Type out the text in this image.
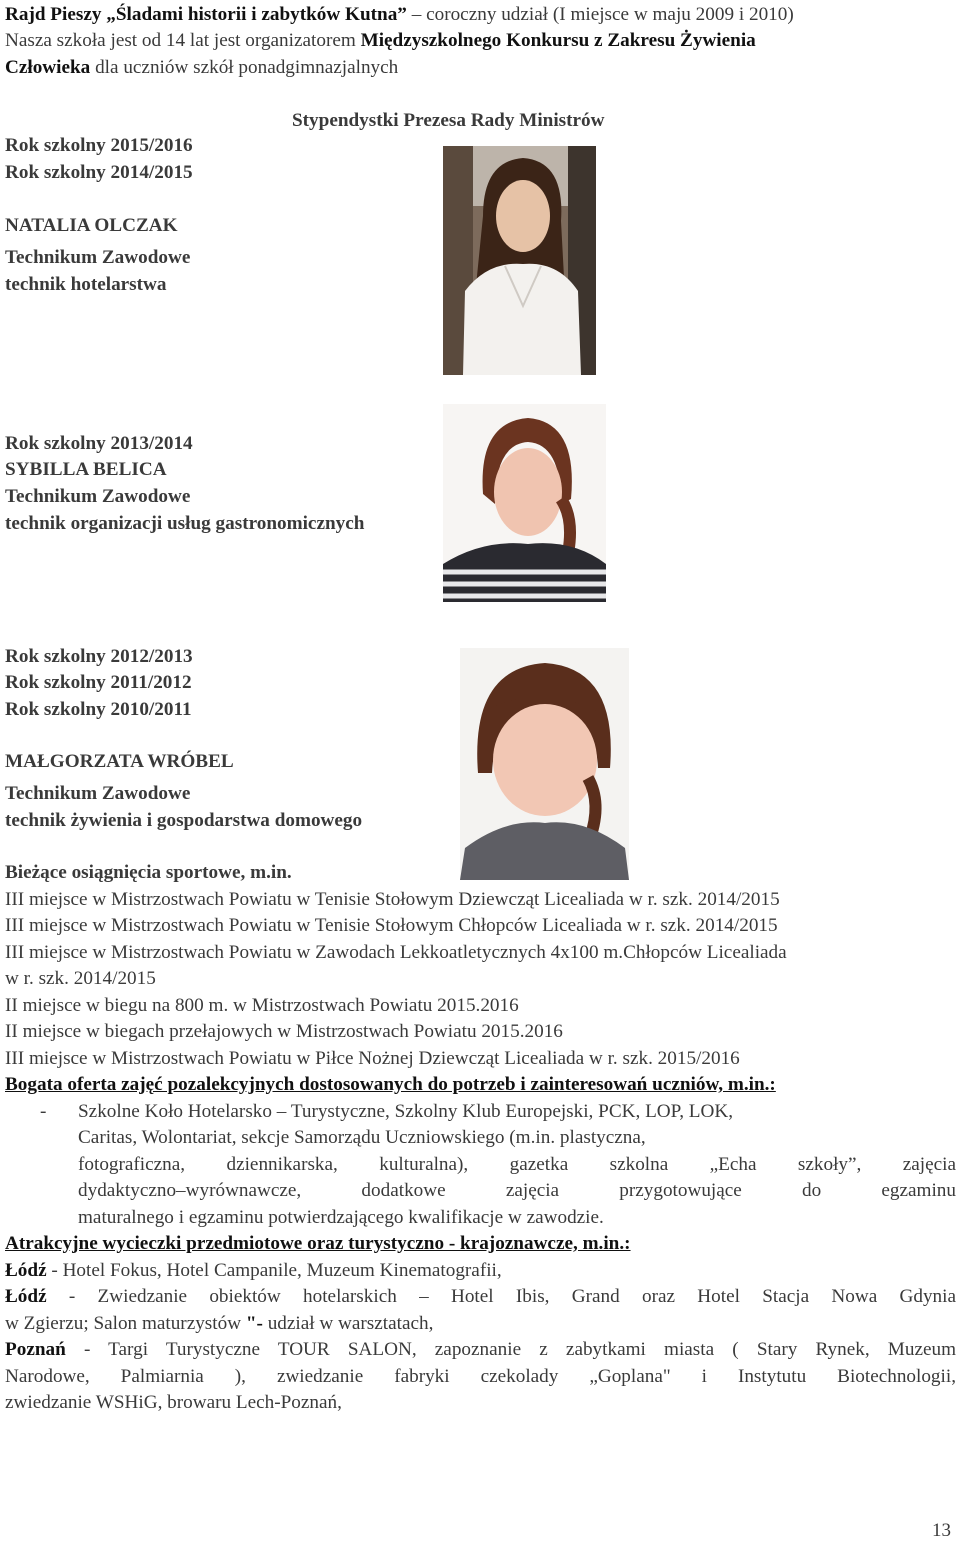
Rajd Pieszy „Śladami historii i zabytków Kutna” – coroczny udział (I miejsce w maju 2009 i 2010)
Nasza szkoła jest od 14 lat jest organizatorem Międzyszkolnego Konkursu z Zakresu Żywienia
Człowieka dla uczniów szkół ponadgimnazjalnych
Stypendystki Prezesa Rady Ministrów
Rok szkolny 2015/2016
Rok szkolny 2014/2015
NATALIA OLCZAK
Technikum Zawodowe
technik hotelarstwa
Rok szkolny 2013/2014
SYBILLA BELICA
Technikum Zawodowe
technik organizacji usług gastronomicznych
Rok szkolny 2012/2013
Rok szkolny 2011/2012
Rok szkolny 2010/2011
MAŁGORZATA WRÓBEL
Technikum Zawodowe
technik żywienia i gospodarstwa domowego
Bieżące osiągnięcia sportowe, m.in.
III miejsce w Mistrzostwach Powiatu w Tenisie Stołowym Dziewcząt Licealiada w r. szk. 2014/2015
III miejsce w Mistrzostwach Powiatu w Tenisie Stołowym Chłopców Licealiada w r. szk. 2014/2015
III miejsce w Mistrzostwach Powiatu w Zawodach Lekkoatletycznych 4x100 m.Chłopców Licealiada
w r. szk. 2014/2015
II miejsce w biegu na 800 m. w Mistrzostwach Powiatu 2015.2016
II miejsce w biegach przełajowych w Mistrzostwach Powiatu 2015.2016
III miejsce w Mistrzostwach Powiatu w Piłce Nożnej Dziewcząt Licealiada w r. szk. 2015/2016
Bogata oferta zajęć pozalekcyjnych dostosowanych do potrzeb i zainteresowań uczniów, m.in.:
- Szkolne Koło Hotelarsko – Turystyczne, Szkolny Klub Europejski, PCK, LOP, LOK,
Caritas, Wolontariat, sekcje Samorządu Uczniowskiego (m.in. plastyczna,
fotograficzna, dziennikarska, kulturalna), gazetka szkolna „Echa szkoły”, zajęcia
dydaktyczno–wyrównawcze, dodatkowe zajęcia przygotowujące do egzaminu
maturalnego i egzaminu potwierdzającego kwalifikacje w zawodzie.
Atrakcyjne wycieczki przedmiotowe oraz turystyczno - krajoznawcze, m.in.:
Łódź - Hotel Fokus, Hotel Campanile, Muzeum Kinematografii,
Łódź - Zwiedzanie obiektów hotelarskich – Hotel Ibis, Grand oraz Hotel Stacja Nowa Gdynia
w Zgierzu; Salon maturzystów "- udział w warsztatach,
Poznań - Targi Turystyczne TOUR SALON, zapoznanie z zabytkami miasta ( Stary Rynek, Muzeum
Narodowe, Palmiarnia ), zwiedzanie fabryki czekolady „Goplana" i Instytutu Biotechnologii,
zwiedzanie WSHiG, browaru Lech-Poznań,
13
